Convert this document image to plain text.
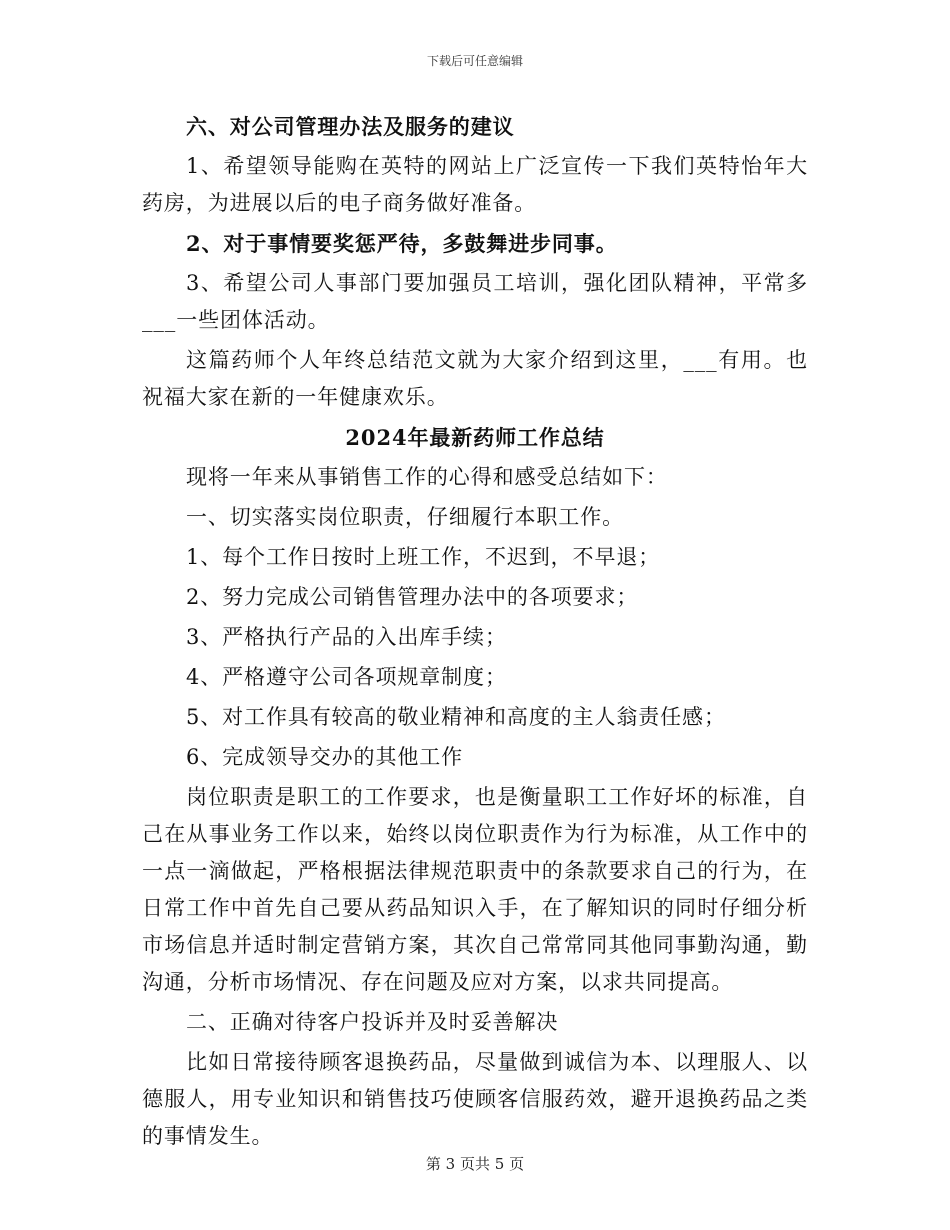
下载后可任意编辑

六、对公司管理办法及服务的建议

1、希望领导能购在英特的网站上广泛宣传一下我们英特怡年大药房，为进展以后的电子商务做好准备。

2、对于事情要奖惩严待，多鼓舞进步同事。

3、希望公司人事部门要加强员工培训，强化团队精神，平常多___一些团体活动。

这篇药师个人年终总结范文就为大家介绍到这里，___有用。也祝福大家在新的一年健康欢乐。

2024年最新药师工作总结

现将一年来从事销售工作的心得和感受总结如下：

一、切实落实岗位职责，仔细履行本职工作。

1、每个工作日按时上班工作，不迟到，不早退；

2、努力完成公司销售管理办法中的各项要求；

3、严格执行产品的入出库手续；

4、严格遵守公司各项规章制度；

5、对工作具有较高的敬业精神和高度的主人翁责任感；

6、完成领导交办的其他工作

岗位职责是职工的工作要求，也是衡量职工工作好坏的标准，自己在从事业务工作以来，始终以岗位职责作为行为标准，从工作中的一点一滴做起，严格根据法律规范职责中的条款要求自己的行为，在日常工作中首先自己要从药品知识入手，在了解知识的同时仔细分析市场信息并适时制定营销方案，其次自己常常同其他同事勤沟通，勤沟通，分析市场情况、存在问题及应对方案，以求共同提高。

二、正确对待客户投诉并及时妥善解决

比如日常接待顾客退换药品，尽量做到诚信为本、以理服人、以德服人，用专业知识和销售技巧使顾客信服药效，避开退换药品之类的事情发生。

第 3 页共 5 页
